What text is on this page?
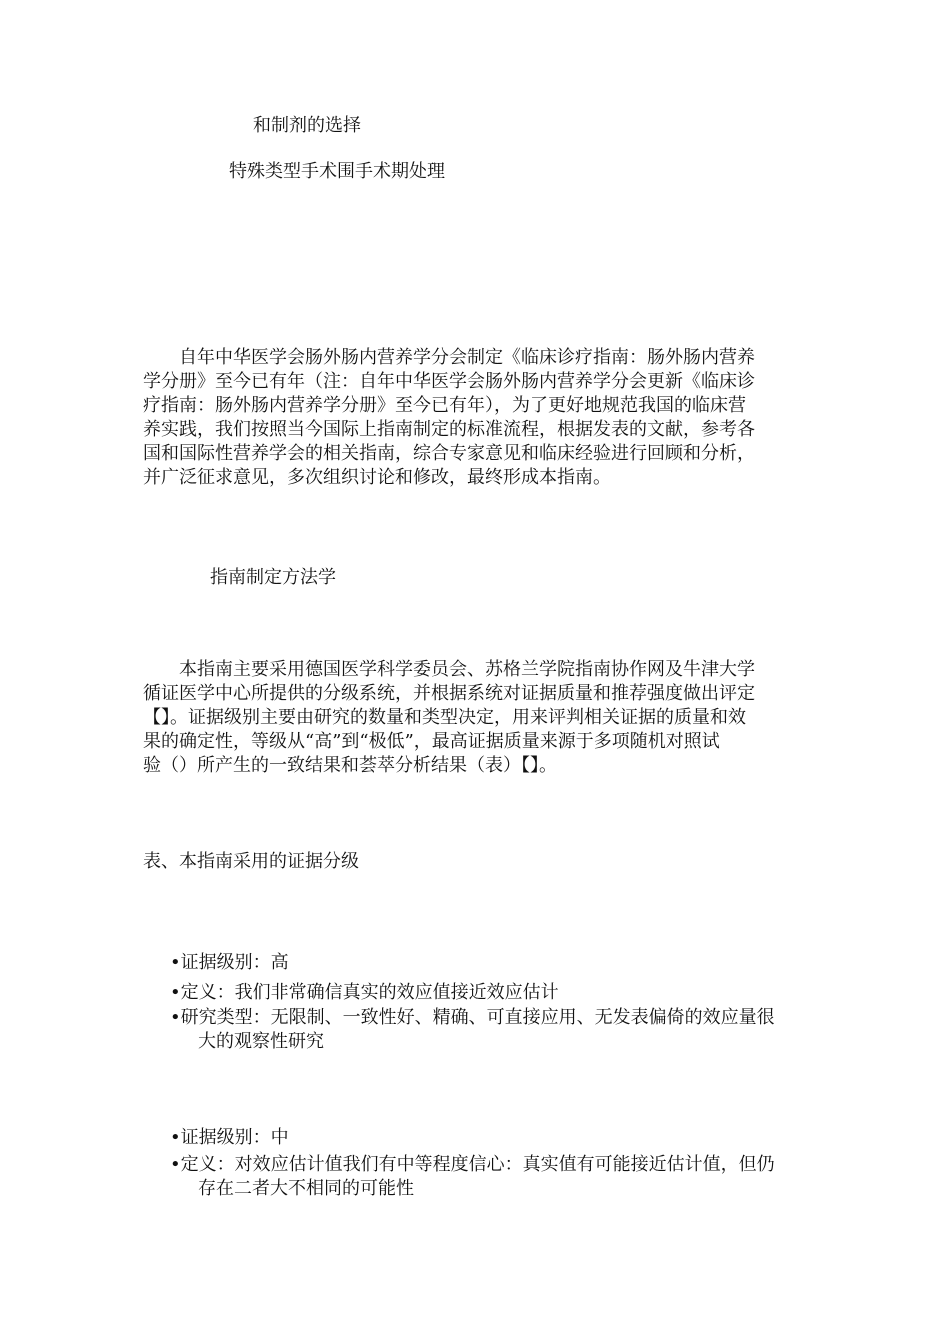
和制剂的选择
特殊类型手术围手术期处理

自年中华医学会肠外肠内营养学分会制定《临床诊疗指南：肠外肠内营养

学分册》至今已有年（注：自年中华医学会肠外肠内营养学分会更新《临床诊

疗指南：肠外肠内营养学分册》至今已有年），为了更好地规范我国的临床营

养实践，我们按照当今国际上指南制定的标准流程，根据发表的文献，参考各

国和国际性营养学会的相关指南，综合专家意见和临床经验进行回顾和分析，

并广泛征求意见，多次组织讨论和修改，最终形成本指南。

指南制定方法学

本指南主要采用德国医学科学委员会、苏格兰学院指南协作网及牛津大学

循证医学中心所提供的分级系统，并根据系统对证据质量和推荐强度做出评定

【】。证据级别主要由研究的数量和类型决定，用来评判相关证据的质量和效

果的确定性，等级从“高”到“极低”，最高证据质量来源于多项随机对照试

验（）所产生的一致结果和荟萃分析结果（表）【】。

表、本指南采用的证据分级
•证据级别：高
•定义：我们非常确信真实的效应值接近效应估计
•研究类型：无限制、一致性好、精确、可直接应用、无发表偏倚的效应量很
大的观察性研究
•证据级别：中
•定义：对效应估计值我们有中等程度信心：真实值有可能接近估计值，但仍
存在二者大不相同的可能性
